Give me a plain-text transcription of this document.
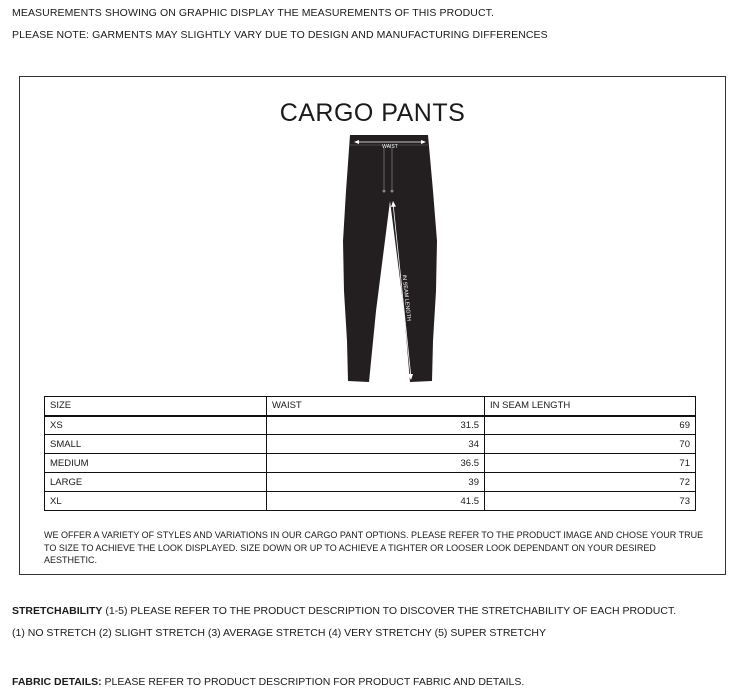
MEASUREMENTS SHOWING ON GRAPHIC DISPLAY THE MEASUREMENTS OF THIS PRODUCT.
PLEASE NOTE: GARMENTS MAY SLIGHTLY VARY DUE TO DESIGN AND MANUFACTURING DIFFERENCES
CARGO PANTS
WAIST
IN SEAM LENGTH
SIZE	WAIST	IN SEAM LENGTH
XS	31.5	69
SMALL	34	70
MEDIUM	36.5	71
LARGE	39	72
XL	41.5	73

WE OFFER A VARIETY OF STYLES AND VARIATIONS IN OUR CARGO PANT OPTIONS. PLEASE REFER TO THE PRODUCT IMAGE AND CHOSE YOUR TRUE TO SIZE TO ACHIEVE THE LOOK DISPLAYED. SIZE DOWN OR UP TO ACHIEVE A TIGHTER OR LOOSER LOOK DEPENDANT ON YOUR DESIRED AESTHETIC.

STRETCHABILITY (1-5) PLEASE REFER TO THE PRODUCT DESCRIPTION TO DISCOVER THE STRETCHABILITY OF EACH PRODUCT.
(1) NO STRETCH (2) SLIGHT STRETCH (3) AVERAGE STRETCH (4) VERY STRETCHY (5) SUPER STRETCHY
FABRIC DETAILS: PLEASE REFER TO PRODUCT DESCRIPTION FOR PRODUCT FABRIC AND DETAILS.
